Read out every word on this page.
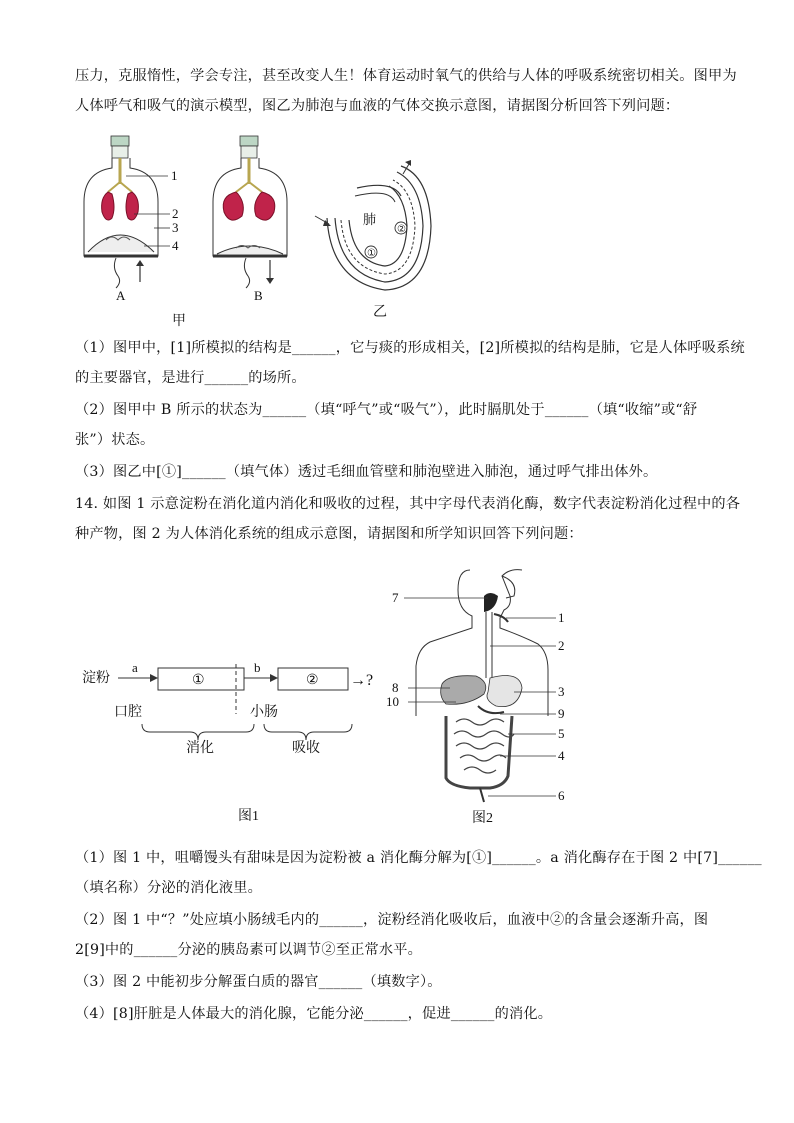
压力，克服惰性，学会专注，甚至改变人生！体育运动时氧气的供给与人体的呼吸系统密切相关。图甲为
人体呼气和吸气的演示模型，图乙为肺泡与血液的气体交换示意图，请据图分析回答下列问题：
1
2
3
4
A	B
甲
②
①
肺
乙
（1）图甲中，[1]所模拟的结构是______，它与痰的形成相关，[2]所模拟的结构是肺，它是人体呼吸系统
的主要器官，是进行______的场所。
（2）图甲中 B 所示的状态为______（填“呼气”或“吸气”），此时膈肌处于______（填“收缩”或“舒
张”）状态。
（3）图乙中[①]______（填气体）透过毛细血管壁和肺泡壁进入肺泡，通过呼气排出体外。
14. 如图 1 示意淀粉在消化道内消化和吸收的过程，其中字母代表消化酶，数字代表淀粉消化过程中的各
种产物，图 2 为人体消化系统的组成示意图，请据图和所学知识回答下列问题：
淀粉
a
①
b
② →?
口腔	小肠
消化	吸收
图1
7
1
2
8	3
10
9
5
4
6
图2
（1）图 1 中，咀嚼馒头有甜味是因为淀粉被 a 消化酶分解为[①]______。a 消化酶存在于图 2 中[7]______
（填名称）分泌的消化液里。
（2）图 1 中“？”处应填小肠绒毛内的______，淀粉经消化吸收后，血液中②的含量会逐渐升高，图
2[9]中的______分泌的胰岛素可以调节②至正常水平。
（3）图 2 中能初步分解蛋白质的器官______（填数字）。
（4）[8]肝脏是人体最大的消化腺，它能分泌______，促进______的消化。
